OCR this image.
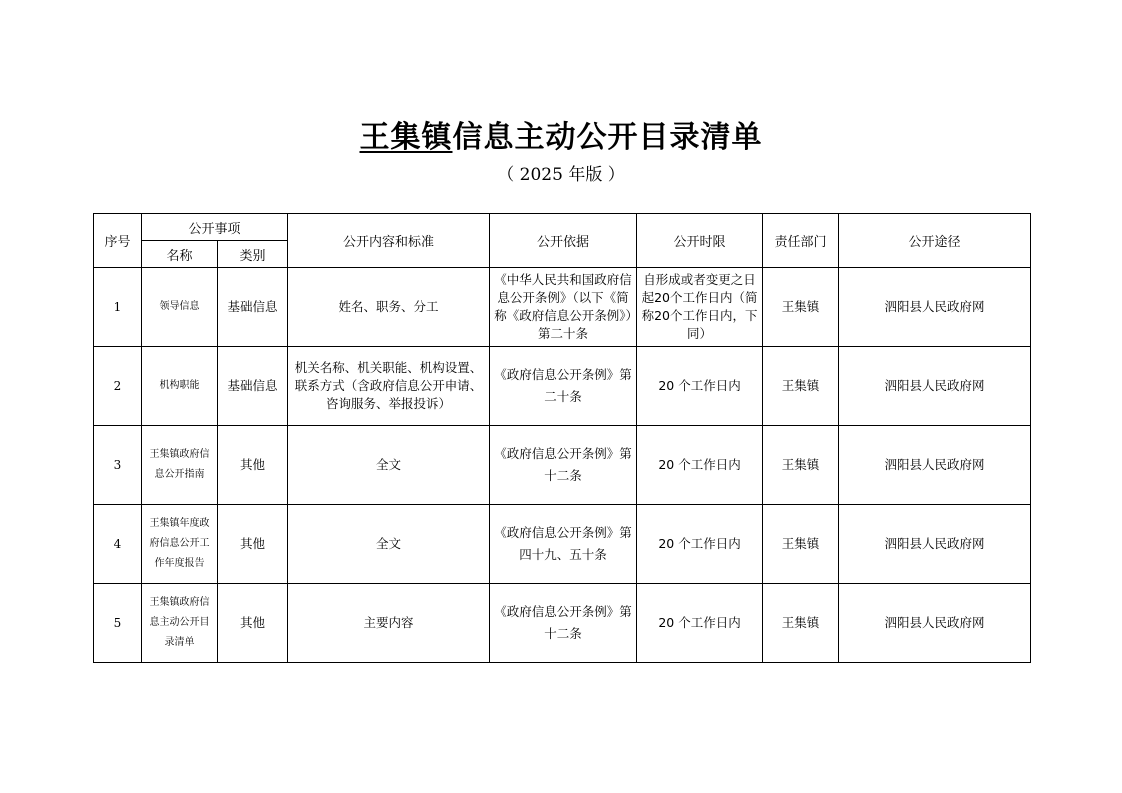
王集镇信息主动公开目录清单
（ 2025 年版 ）
序号	公开事项		公开内容和标准	公开依据	公开时限	责任部门	公开途径
	名称	类别					
1	领导信息	基础信息	姓名、职务、分工	《中华人民共和国政府信息公开条例》（以下《简称《政府信息公开条例》）第二十条	自形成或者变更之日起20个工作日内（简称20个工作日内，下同）	王集镇	泗阳县人民政府网
2	机构职能	基础信息	机关名称、机关职能、机构设置、联系方式（含政府信息公开申请、咨询服务、举报投诉）	《政府信息公开条例》第二十条	20 个工作日内	王集镇	泗阳县人民政府网
3	王集镇政府信息公开指南	其他	全文	《政府信息公开条例》第十二条	20 个工作日内	王集镇	泗阳县人民政府网
4	王集镇年度政府信息公开工作年度报告	其他	全文	《政府信息公开条例》第四十九、五十条	20 个工作日内	王集镇	泗阳县人民政府网
5	王集镇政府信息主动公开目录清单	其他	主要内容	《政府信息公开条例》第十二条	20 个工作日内	王集镇	泗阳县人民政府网
